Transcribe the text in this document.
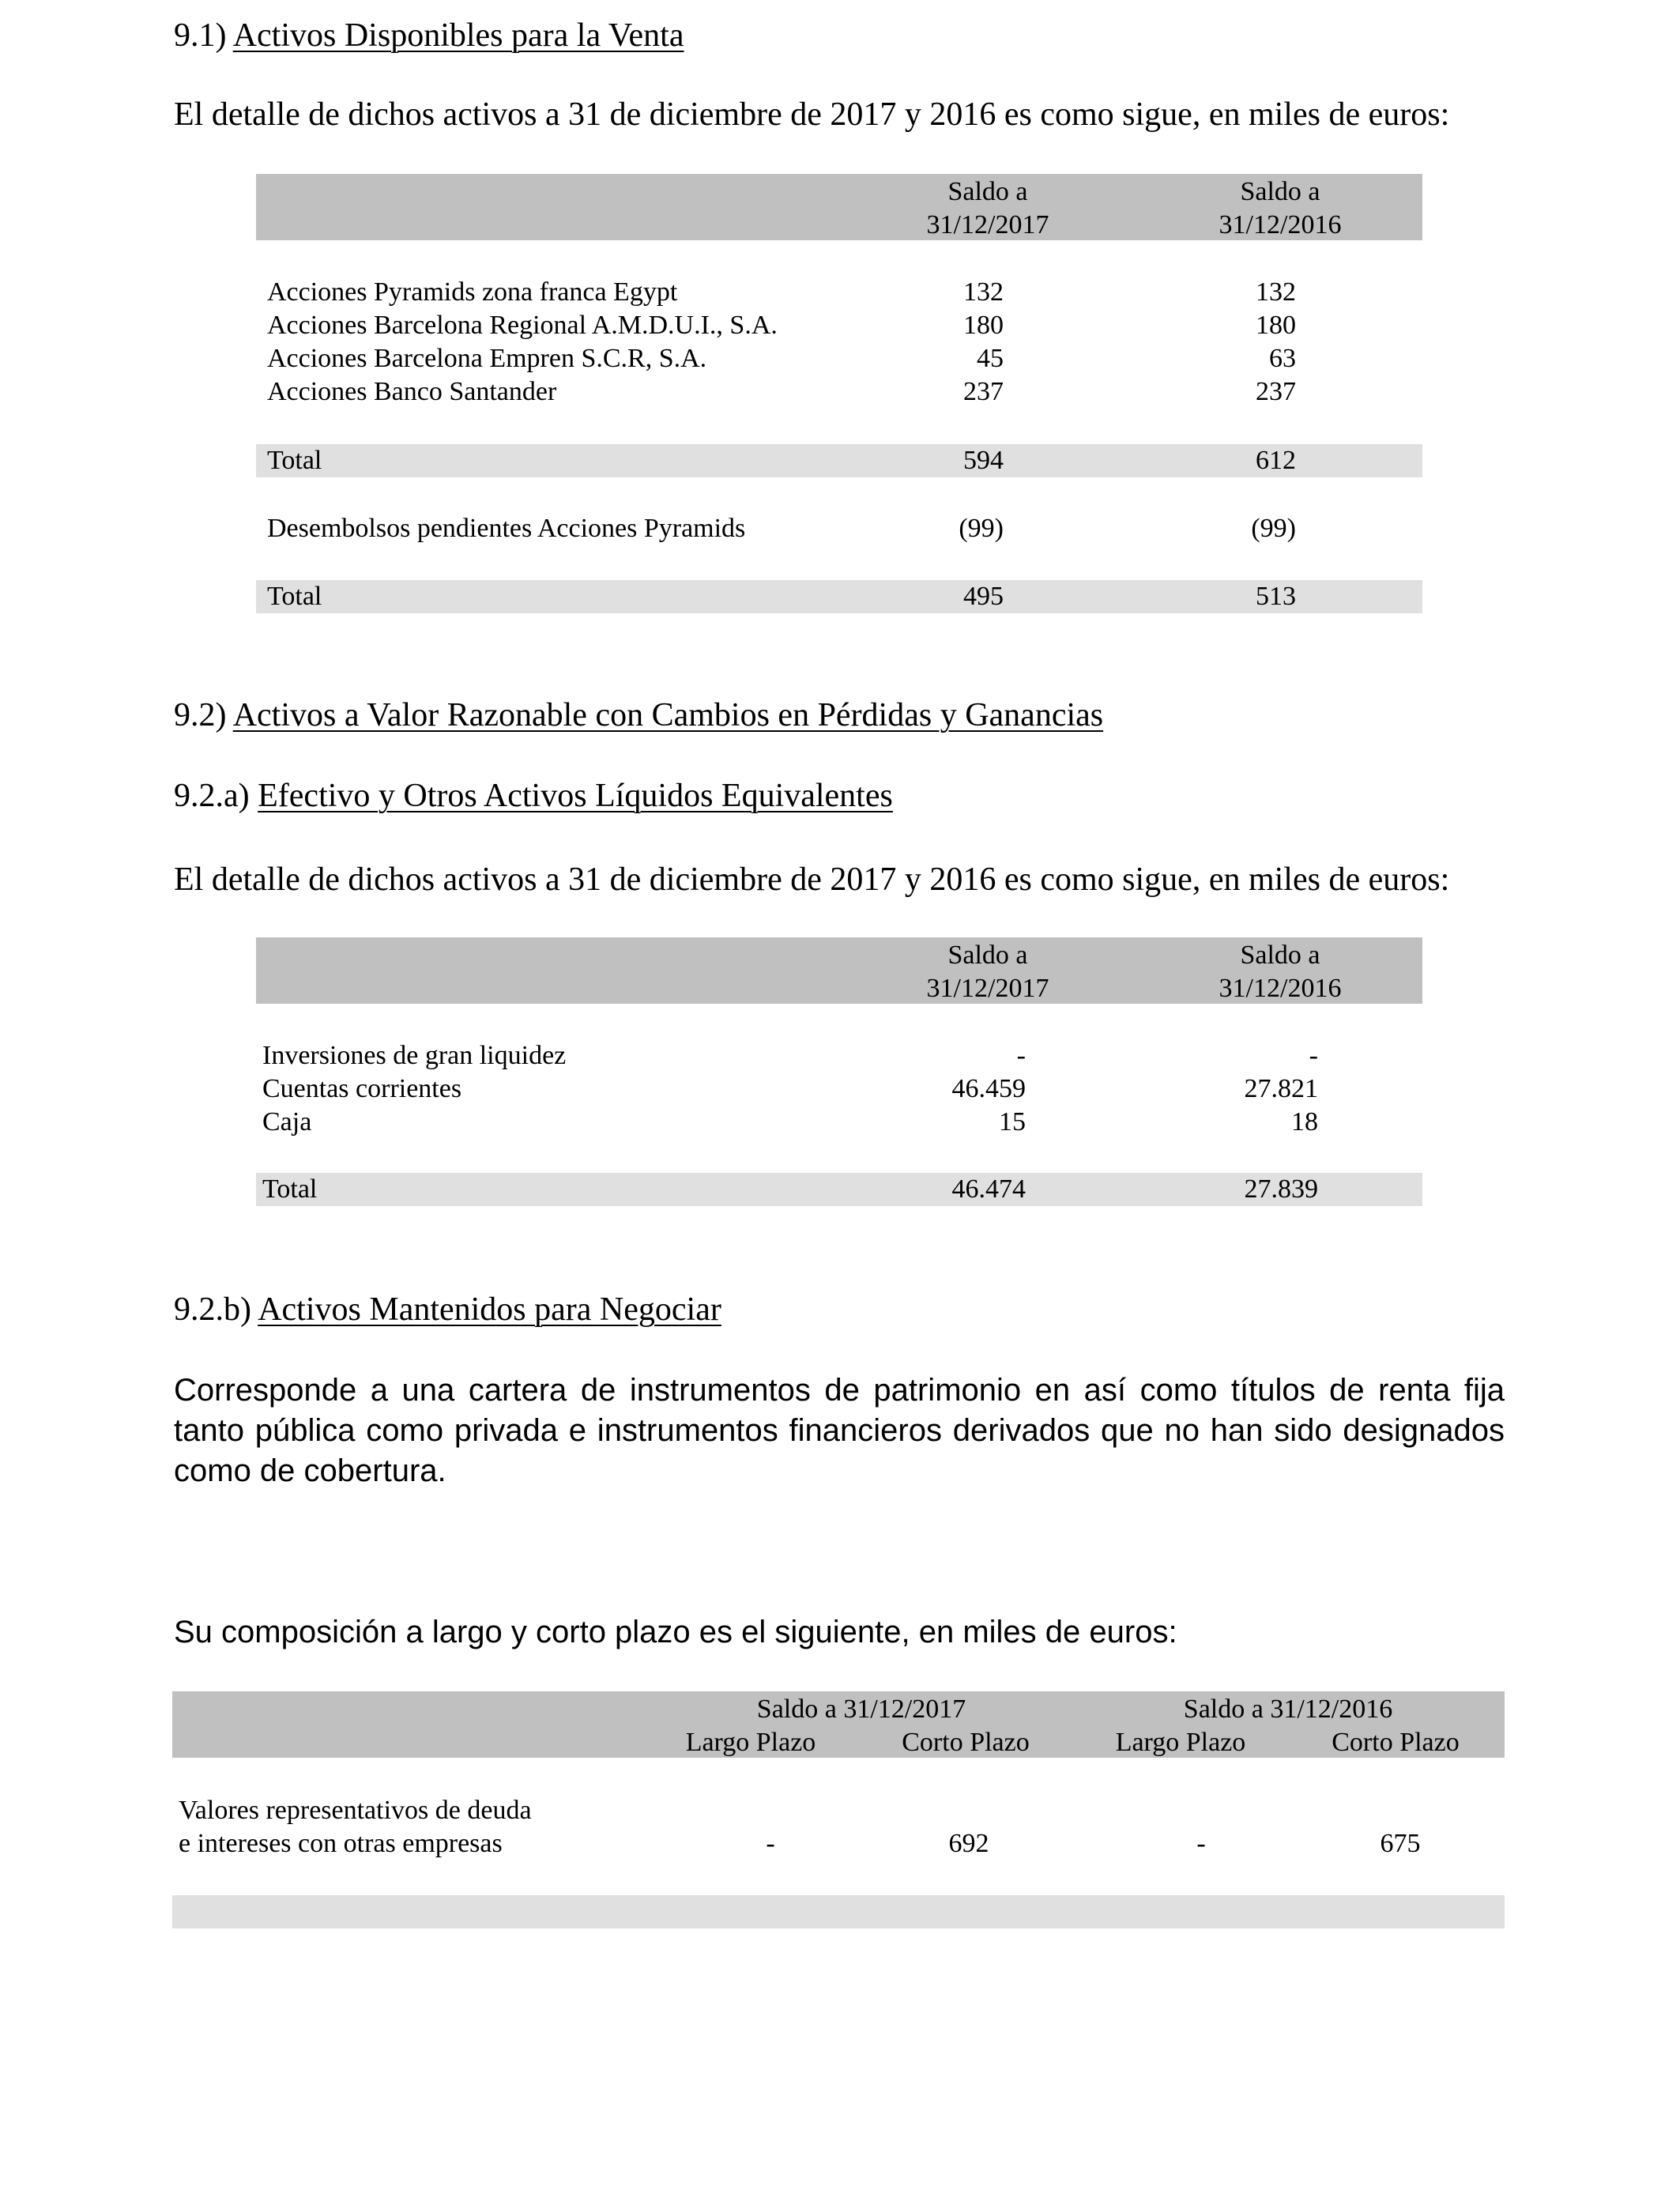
9.1) Activos Disponibles para la Venta
El detalle de dichos activos a 31 de diciembre de 2017 y 2016 es como sigue, en miles de euros:
Saldo a
31/12/2017
Saldo a
31/12/2016
Acciones Pyramids zona franca Egypt	132	132
Acciones Barcelona Regional A.M.D.U.I., S.A.	180	180
Acciones Barcelona Empren S.C.R, S.A.	45	63
Acciones Banco Santander	237	237
Total	594	612
Desembolsos pendientes Acciones Pyramids	(99)	(99)
Total	495	513
9.2) Activos a Valor Razonable con Cambios en Pérdidas y Ganancias
9.2.a) Efectivo y Otros Activos Líquidos Equivalentes
El detalle de dichos activos a 31 de diciembre de 2017 y 2016 es como sigue, en miles de euros:
Saldo a
31/12/2017
Saldo a
31/12/2016
Inversiones de gran liquidez	-	-
Cuentas corrientes	46.459	27.821
Caja	15	18
Total	46.474	27.839
9.2.b) Activos Mantenidos para Negociar
Corresponde a una cartera de instrumentos de patrimonio en así como títulos de renta fija tanto pública como privada e instrumentos financieros derivados que no han sido designados como de cobertura.
Su composición a largo y corto plazo es el siguiente, en miles de euros:
Saldo a 31/12/2017	Saldo a 31/12/2016
Largo Plazo	Corto Plazo	Largo Plazo	Corto Plazo
Valores representativos de deuda
e intereses con otras empresas	-	692	-	675
